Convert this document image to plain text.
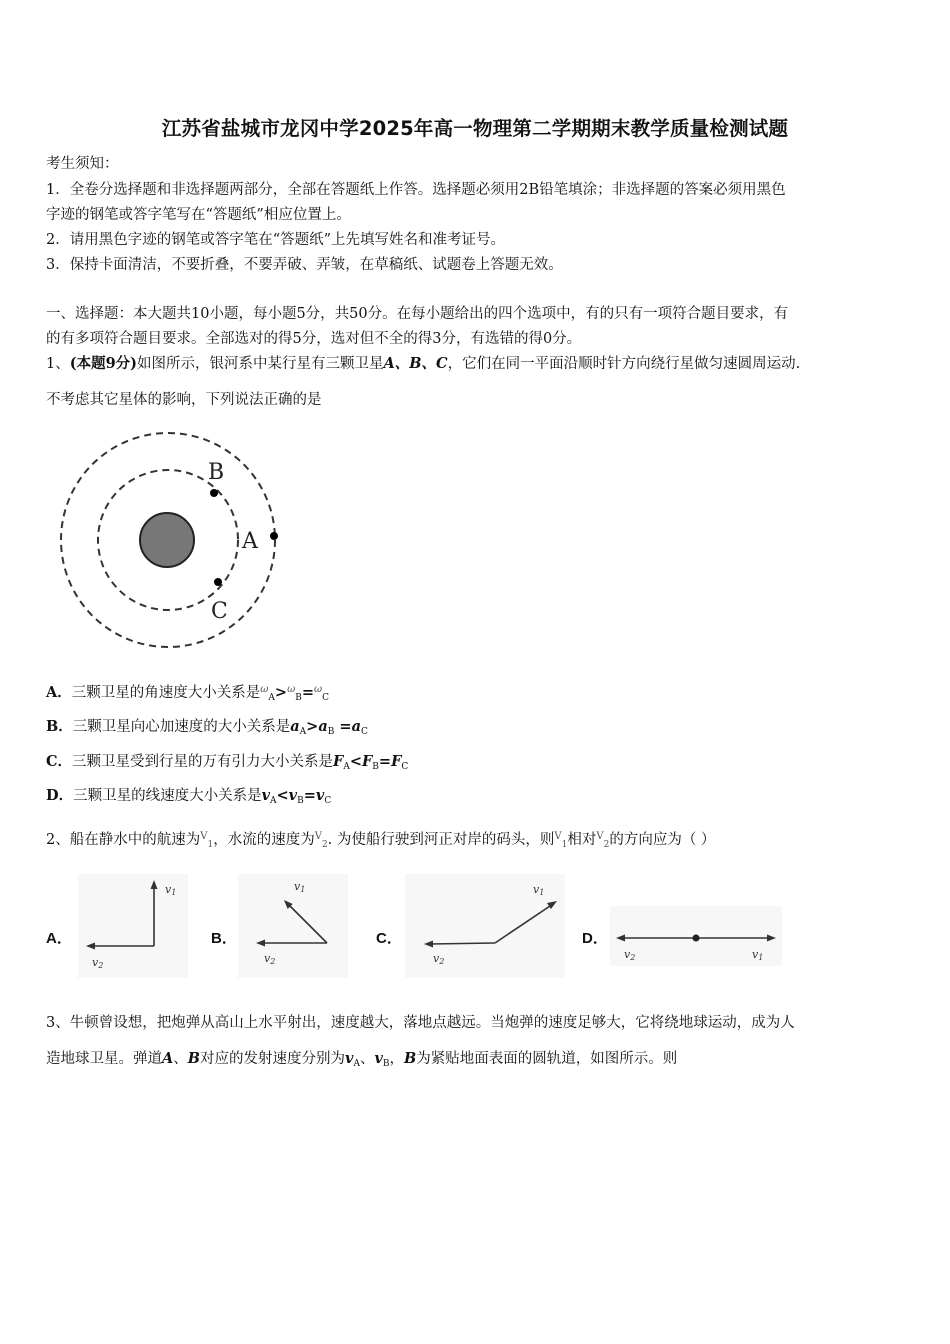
江苏省盐城市龙冈中学2025年高一物理第二学期期末教学质量检测试题
考生须知：
1．全卷分选择题和非选择题两部分，全部在答题纸上作答。选择题必须用2B铅笔填涂；非选择题的答案必须用黑色
字迹的钢笔或答字笔写在“答题纸”相应位置上。
2．请用黑色字迹的钢笔或答字笔在“答题纸”上先填写姓名和准考证号。
3．保持卡面清洁，不要折叠，不要弄破、弄皱，在草稿纸、试题卷上答题无效。
一、选择题：本大题共10小题，每小题5分，共50分。在每小题给出的四个选项中，有的只有一项符合题目要求，有
的有多项符合题目要求。全部选对的得5分，选对但不全的得3分，有选错的得0分。
1、(本题9分)如图所示，银河系中某行星有三颗卫星A、B、C，它们在同一平面沿顺时针方向绕行星做匀速圆周运动.
不考虑其它星体的影响，下列说法正确的是
B
A
C
A．三颗卫星的角速度大小关系是$^\omega_A$>$^\omega_B$=$^\omega_C$
B．三颗卫星向心加速度的大小关系是$a_A>a_B =a_C$
C．三颗卫星受到行星的万有引力大小关系是$F_A<F_B=F_C$
D．三颗卫星的线速度大小关系是$v_A<v_B=v_C$
2、船在静水中的航速为$^V_1$，水流的速度为$^V_2$. 为使船行驶到河正对岸的码头，则$^V_1$相对$^V_2$的方向应为（ ）
A．
v1
v2
B．
v1
v2
C．
v1
v2
D．
v2	v1
3、牛顿曾设想，把炮弹从高山上水平射出，速度越大，落地点越远。当炮弹的速度足够大，它将绕地球运动，成为人
造地球卫星。弹道A、B对应的发射速度分别为$v_A$、$v_B$，B为紧贴地面表面的圆轨道，如图所示。则
